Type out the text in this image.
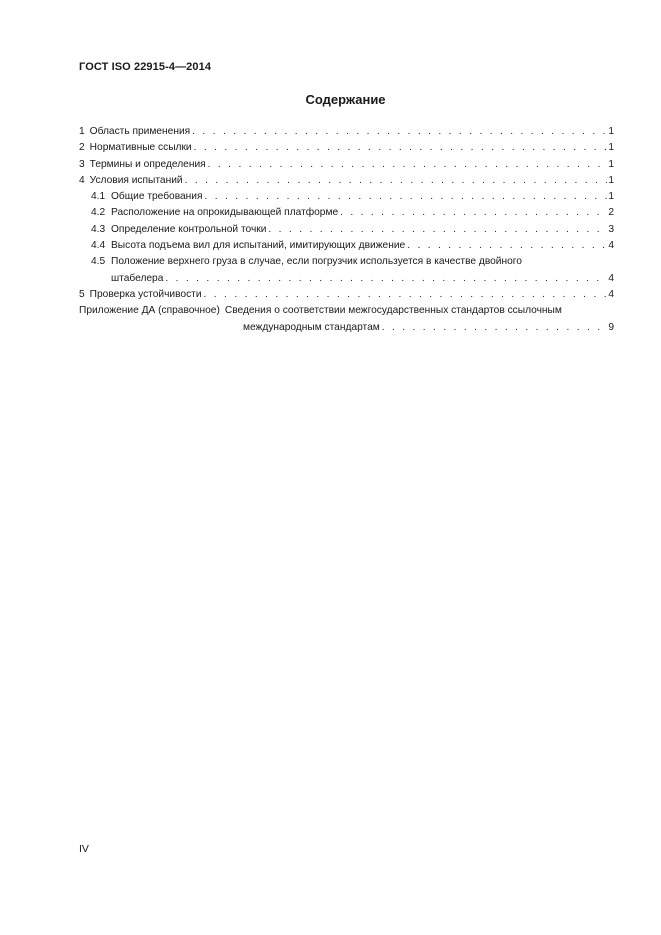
ГОСТ ISO 22915-4—2014
Содержание
1 Область применения . . .	1
2 Нормативные ссылки . . .	1
3 Термины и определения . . .	1
4 Условия испытаний . . .	1
4.1 Общие требования . . .	1
4.2 Расположение на опрокидывающей платформе . . .	2
4.3 Определение контрольной точки . . .	3
4.4 Высота подъема вил для испытаний, имитирующих движение . . .	4
4.5 Положение верхнего груза в случае, если погрузчик используется в качестве двойного
штабелера . . .	4
5 Проверка устойчивости . . .	4
Приложение ДА (справочное) Сведения о соответствии межгосударственных стандартов ссылочным
международным стандартам . . .	9
IV
